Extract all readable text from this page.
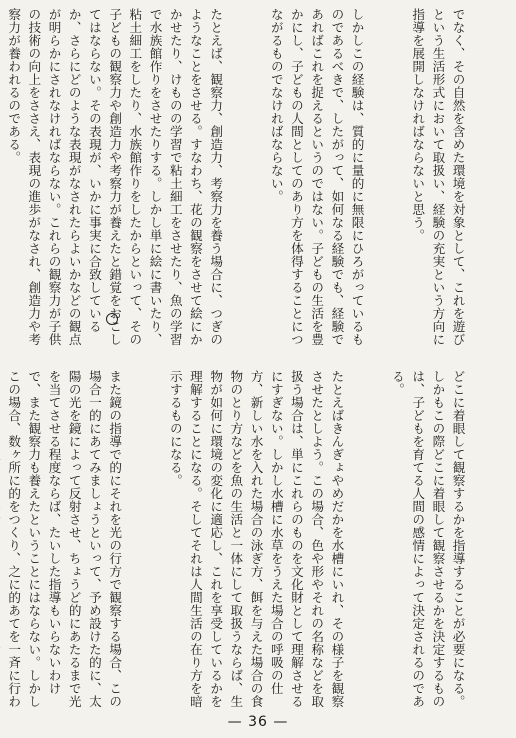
でなく、その自然を含めた環境を対象として、これを遊びという生活形式において取扱い、経験の充実という方向に指導を展開しなければならないと思う。

しかしこの経験は、質的に量的に無限にひろがっているものであるべきで、したがって、如何なる経験でも、経験であればこれを捉えるというのではない。子どもの生活を豊かにし、子どもの人間としてのあり方を体得することにつながるものでなければならない。

たとえば、観察力、創造力、考察力を養う場合に、つぎのようなことをさせる。すなわち、花の観察をさせて絵にかかせたり、けものの学習で粘土細工をさせたり、魚の学習で水族館作りをさせたりする。しかし単に絵に書いたり、粘土細工をしたり、水族館作りをしたからといって、その子どもの観察力や創造力や考察力が養えたと錯覚をおこしてはならない。その表現が、いかに事実に合致しているか、さらにどのような表現がなされたらよいかなどの観点が明らかにされなければならない。これらの観察力が子供の技術の向上をささえ、表現の進歩がなされ、創造力や考察力が養われるのである。

どこに着眼して観察するかを指導することが必要になる。しかもこの際どこに着眼して観察させるかを決定するものは、子どもを育てる人間の感情によって決定されるのである。

たとえばきんぎょやめだかを水槽にいれ、その様子を観察させたとしよう。この場合、色や形やそれの名称などを取扱う場合は、単にこれらのものを文化財として理解させるにすぎない。しかし水槽に水草をうえた場合の呼吸の仕方、新しい水を入れた場合の泳ぎ方、餌を与えた場合の食物のとり方などを魚の生活と一体にして取扱うならば、生物が如何に環境の変化に適応し、これを享受しているかを理解することになる。そしてそれは人間生活の在り方を暗示するものになる。

また鏡の指導で的にそれを光の行方で観察する場合、この場合一的にあてみましょうといって、予め設けた的に、太陽の光を鏡によって反射させ、ちょうど的にあたるまで光を当てさせる程度ならば、たいした指導もいらないわけで、また観察力も養えたということにはならない。しかしこの場合、数ヶ所に的をつくり、之に的あてを一斉に行わ

— 36 —
